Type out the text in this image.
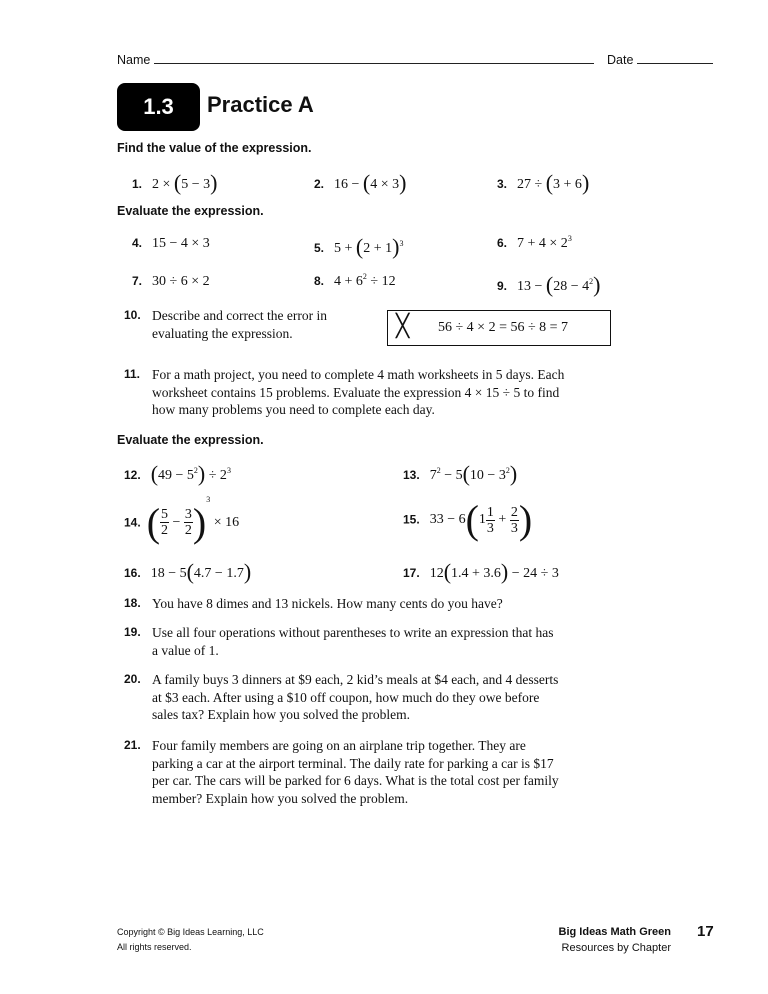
Name	Date
1.3	Practice A
Find the value of the expression.
1. 2 × (5 − 3)	2. 16 − (4 × 3)	3. 27 ÷ (3 + 6)
Evaluate the expression.
4. 15 − 4 × 3	5. $5 + (2 + 1)^3$	6. $7 + 4 \times 2^3$
7. 30 ÷ 6 × 2	8. $4 + 6^2 \div 12$	9. $13 - (28 - 4^2)$
10. Describe and correct the error in
evaluating the expression.	╳ 56 ÷ 4 × 2 = 56 ÷ 8 = 7
11. For a math project, you need to complete 4 math worksheets in 5 days. Each
worksheet contains 15 problems. Evaluate the expression 4 × 15 ÷ 5 to find
how many problems you need to complete each day.
Evaluate the expression.
12. $(49 - 5^2) \div 2^3$	13. $7^2 - 5(10 - 3^2)$
14. ( $\frac{5}{2} - \frac{3}{2} )^3 \times 16$	15. $33 - 6(1 \frac{1}{3} + \frac{2}{3}$ )
16. 18 − 5(4.7 − 1.7)	17. 12(1.4 + 3.6) − 24 ÷ 3
18. You have 8 dimes and 13 nickels. How many cents do you have?
19. Use all four operations without parentheses to write an expression that has
a value of 1.
20. A family buys 3 dinners at $9 each, 2 kid’s meals at $4 each, and 4 desserts
at $3 each. After using a $10 off coupon, how much do they owe before
sales tax? Explain how you solved the problem.
21. Four family members are going on an airplane trip together. They are
parking a car at the airport terminal. The daily rate for parking a car is $17
per car. The cars will be parked for 6 days. What is the total cost per family
member? Explain how you solved the problem.
Copyright © Big Ideas Learning, LLC
All rights reserved.
Big Ideas Math Green
Resources by Chapter
17
